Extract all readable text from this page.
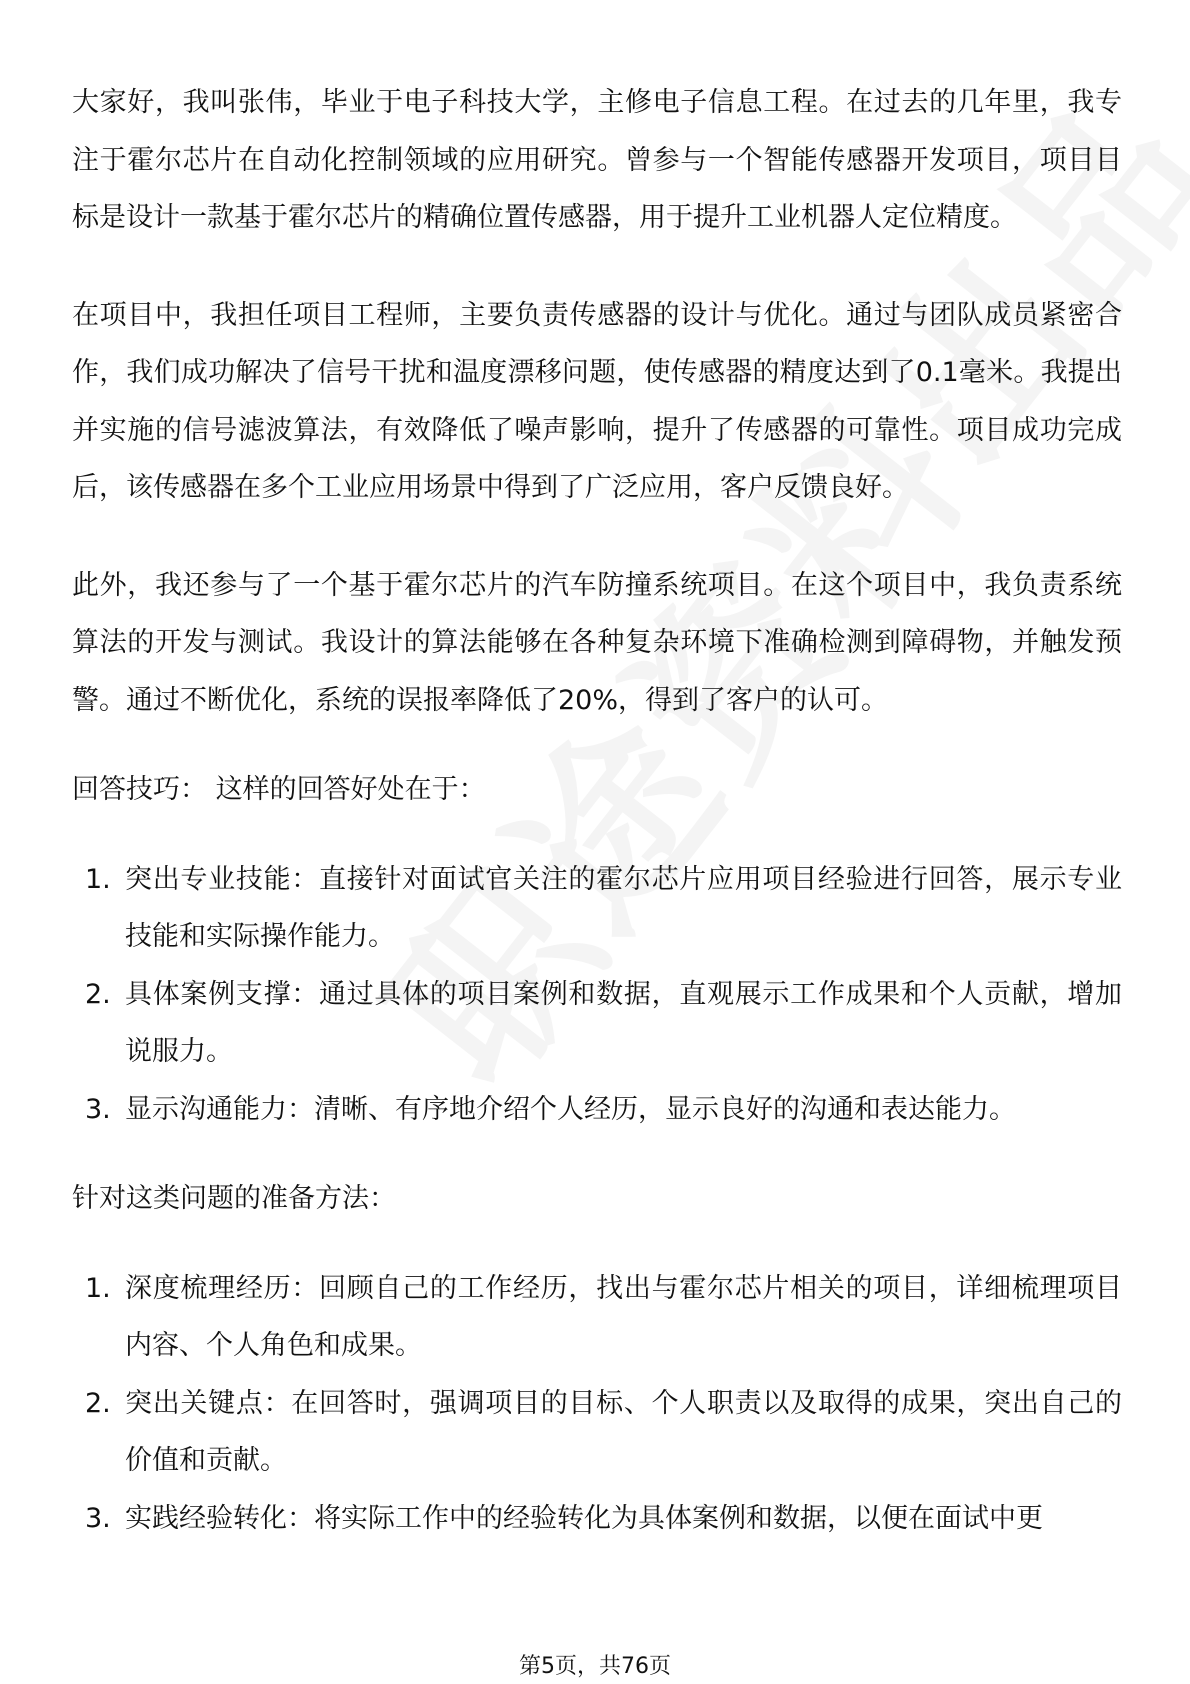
大家好，我叫张伟，毕业于电子科技大学，主修电子信息工程。在过去的几年里，我专注于霍尔芯片在自动化控制领域的应用研究。曾参与一个智能传感器开发项目，项目目标是设计一款基于霍尔芯片的精确位置传感器，用于提升工业机器人定位精度。

在项目中，我担任项目工程师，主要负责传感器的设计与优化。通过与团队成员紧密合作，我们成功解决了信号干扰和温度漂移问题，使传感器的精度达到了0.1毫米。我提出并实施的信号滤波算法，有效降低了噪声影响，提升了传感器的可靠性。项目成功完成后，该传感器在多个工业应用场景中得到了广泛应用，客户反馈良好。

此外，我还参与了一个基于霍尔芯片的汽车防撞系统项目。在这个项目中，我负责系统算法的开发与测试。我设计的算法能够在各种复杂环境下准确检测到障碍物，并触发预警。通过不断优化，系统的误报率降低了20%，得到了客户的认可。

回答技巧： 这样的回答好处在于：

1. 突出专业技能：直接针对面试官关注的霍尔芯片应用项目经验进行回答，展示专业技能和实际操作能力。
2. 具体案例支撑：通过具体的项目案例和数据，直观展示工作成果和个人贡献，增加说服力。
3. 显示沟通能力：清晰、有序地介绍个人经历，显示良好的沟通和表达能力。

针对这类问题的准备方法：

1. 深度梳理经历：回顾自己的工作经历，找出与霍尔芯片相关的项目，详细梳理项目内容、个人角色和成果。
2. 突出关键点：在回答时，强调项目的目标、个人职责以及取得的成果，突出自己的价值和贡献。
3. 实践经验转化：将实际工作中的经验转化为具体案例和数据，以便在面试中更
第5页，共76页
